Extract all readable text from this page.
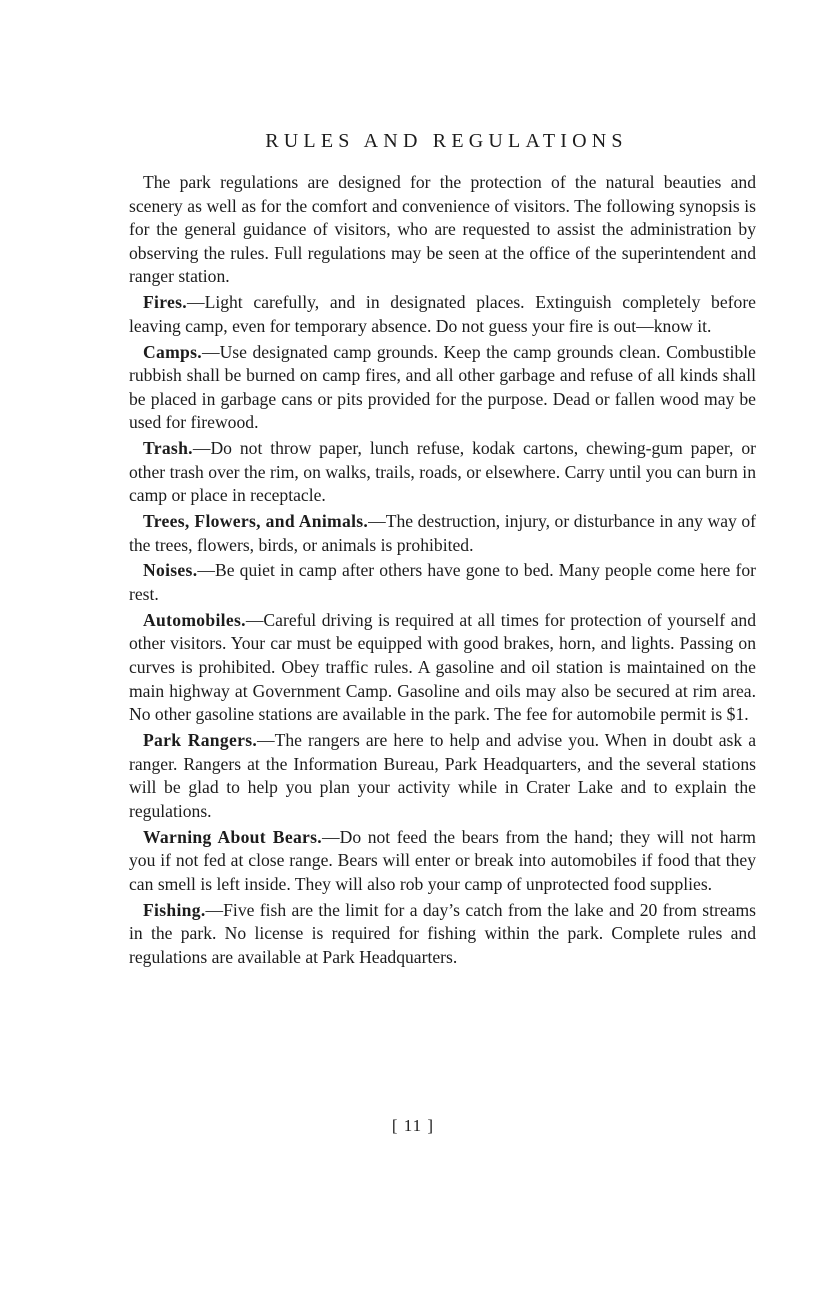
RULES AND REGULATIONS

The park regulations are designed for the protection of the natural beauties and scenery as well as for the comfort and convenience of visitors. The following synopsis is for the general guidance of visitors, who are requested to assist the administration by observing the rules. Full regulations may be seen at the office of the superintendent and ranger station.

Fires.—Light carefully, and in designated places. Extinguish completely before leaving camp, even for temporary absence. Do not guess your fire is out—know it.

Camps.—Use designated camp grounds. Keep the camp grounds clean. Combustible rubbish shall be burned on camp fires, and all other garbage and refuse of all kinds shall be placed in garbage cans or pits provided for the purpose. Dead or fallen wood may be used for firewood.

Trash.—Do not throw paper, lunch refuse, kodak cartons, chewing-gum paper, or other trash over the rim, on walks, trails, roads, or elsewhere. Carry until you can burn in camp or place in receptacle.

Trees, Flowers, and Animals.—The destruction, injury, or disturbance in any way of the trees, flowers, birds, or animals is prohibited.

Noises.—Be quiet in camp after others have gone to bed. Many people come here for rest.

Automobiles.—Careful driving is required at all times for protection of yourself and other visitors. Your car must be equipped with good brakes, horn, and lights. Passing on curves is prohibited. Obey traffic rules. A gasoline and oil station is maintained on the main highway at Government Camp. Gasoline and oils may also be secured at rim area. No other gasoline stations are available in the park. The fee for automobile permit is $1.

Park Rangers.—The rangers are here to help and advise you. When in doubt ask a ranger. Rangers at the Information Bureau, Park Headquarters, and the several stations will be glad to help you plan your activity while in Crater Lake and to explain the regulations.

Warning About Bears.—Do not feed the bears from the hand; they will not harm you if not fed at close range. Bears will enter or break into automobiles if food that they can smell is left inside. They will also rob your camp of unprotected food supplies.

Fishing.—Five fish are the limit for a day’s catch from the lake and 20 from streams in the park. No license is required for fishing within the park. Complete rules and regulations are available at Park Headquarters.

[ 11 ]
